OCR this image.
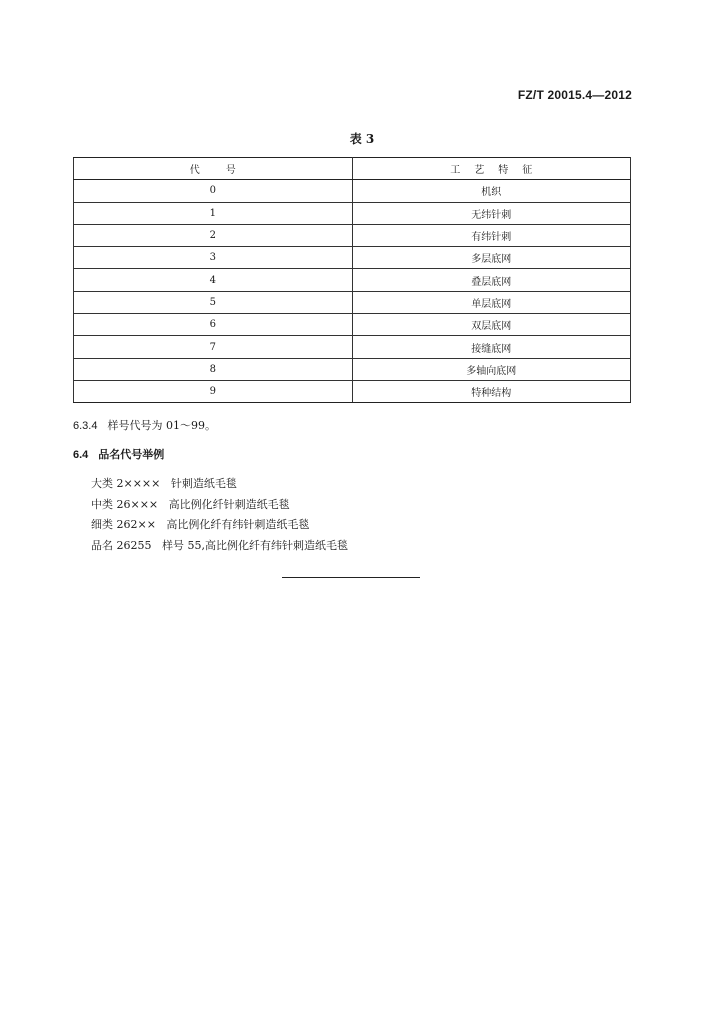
FZ/T 20015.4—2012
表 3
代号	工艺特征
0	机织
1	无纬针刺
2	有纬针刺
3	多层底网
4	叠层底网
5	单层底网
6	双层底网
7	接缝底网
8	多轴向底网
9	特种结构
6.3.4 样号代号为 01～99。
6.4 品名代号举例
大类 2××××   针刺造纸毛毯
中类 26×××   高比例化纤针刺造纸毛毯
细类 262××   高比例化纤有纬针刺造纸毛毯
品名 26255   样号 55,高比例化纤有纬针刺造纸毛毯
